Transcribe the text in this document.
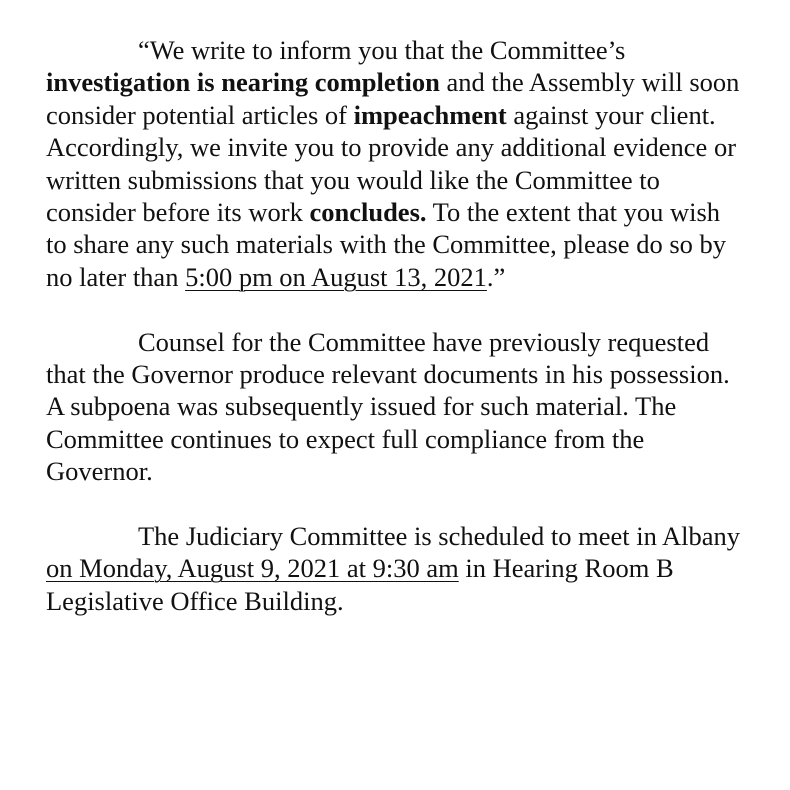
“We write to inform you that the Committee’s investigation is nearing completion and the Assembly will soon consider potential articles of impeachment against your client. Accordingly, we invite you to provide any additional evidence or written submissions that you would like the Committee to consider before its work concludes. To the extent that you wish to share any such materials with the Committee, please do so by no later than 5:00 pm on August 13, 2021.”

Counsel for the Committee have previously requested that the Governor produce relevant documents in his possession. A subpoena was subsequently issued for such material. The Committee continues to expect full compliance from the Governor.

The Judiciary Committee is scheduled to meet in Albany on Monday, August 9, 2021 at 9:30 am in Hearing Room B Legislative Office Building.
